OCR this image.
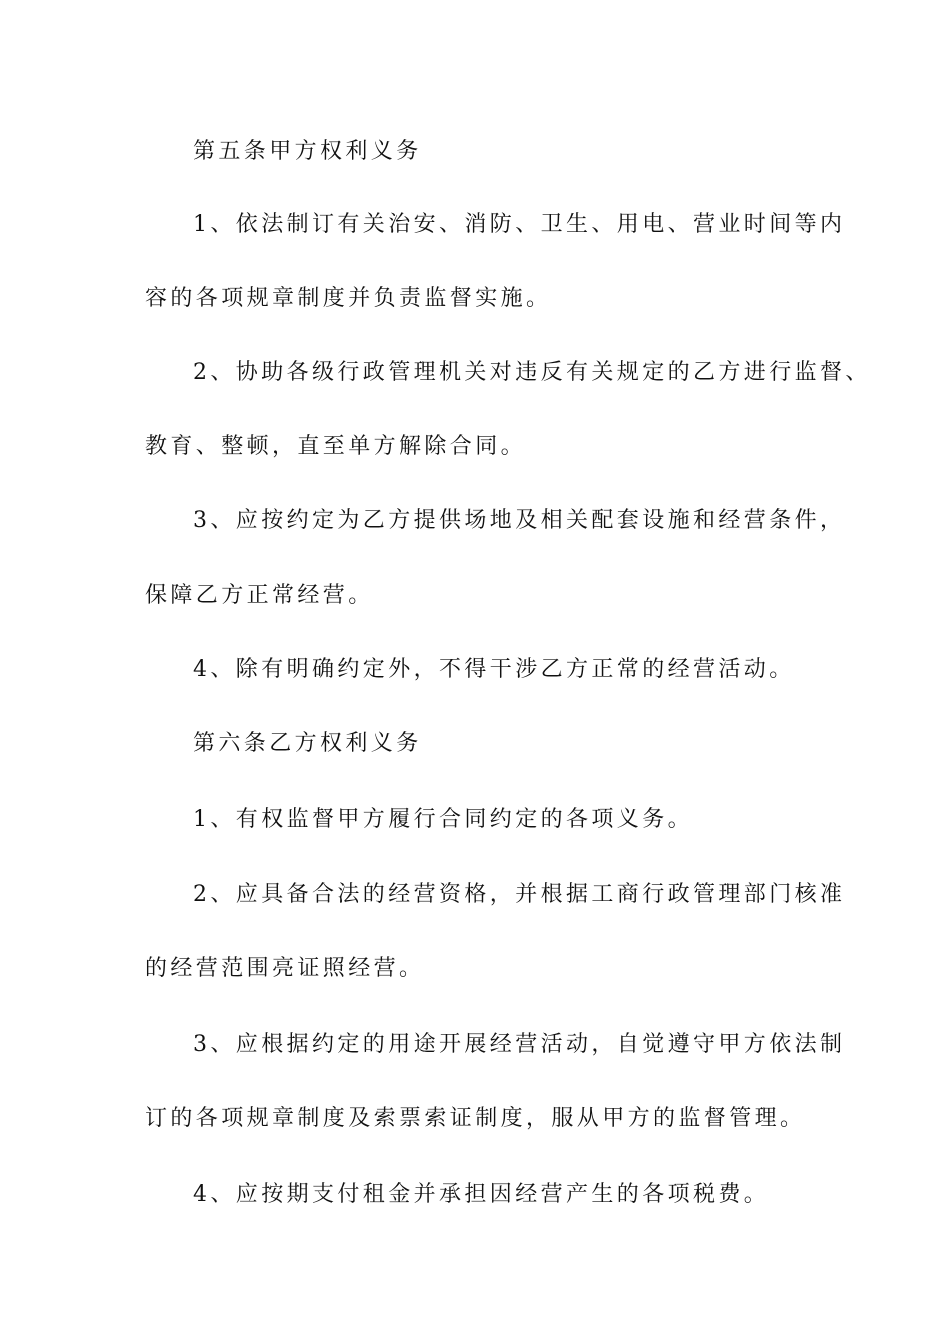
第五条甲方权利义务
1、依法制订有关治安、消防、卫生、用电、营业时间等内
容的各项规章制度并负责监督实施。
2、协助各级行政管理机关对违反有关规定的乙方进行监督、
教育、整顿，直至单方解除合同。
3、应按约定为乙方提供场地及相关配套设施和经营条件，
保障乙方正常经营。
4、除有明确约定外，不得干涉乙方正常的经营活动。
第六条乙方权利义务
1、有权监督甲方履行合同约定的各项义务。
2、应具备合法的经营资格，并根据工商行政管理部门核准
的经营范围亮证照经营。
3、应根据约定的用途开展经营活动，自觉遵守甲方依法制
订的各项规章制度及索票索证制度，服从甲方的监督管理。
4、应按期支付租金并承担因经营产生的各项税费。
